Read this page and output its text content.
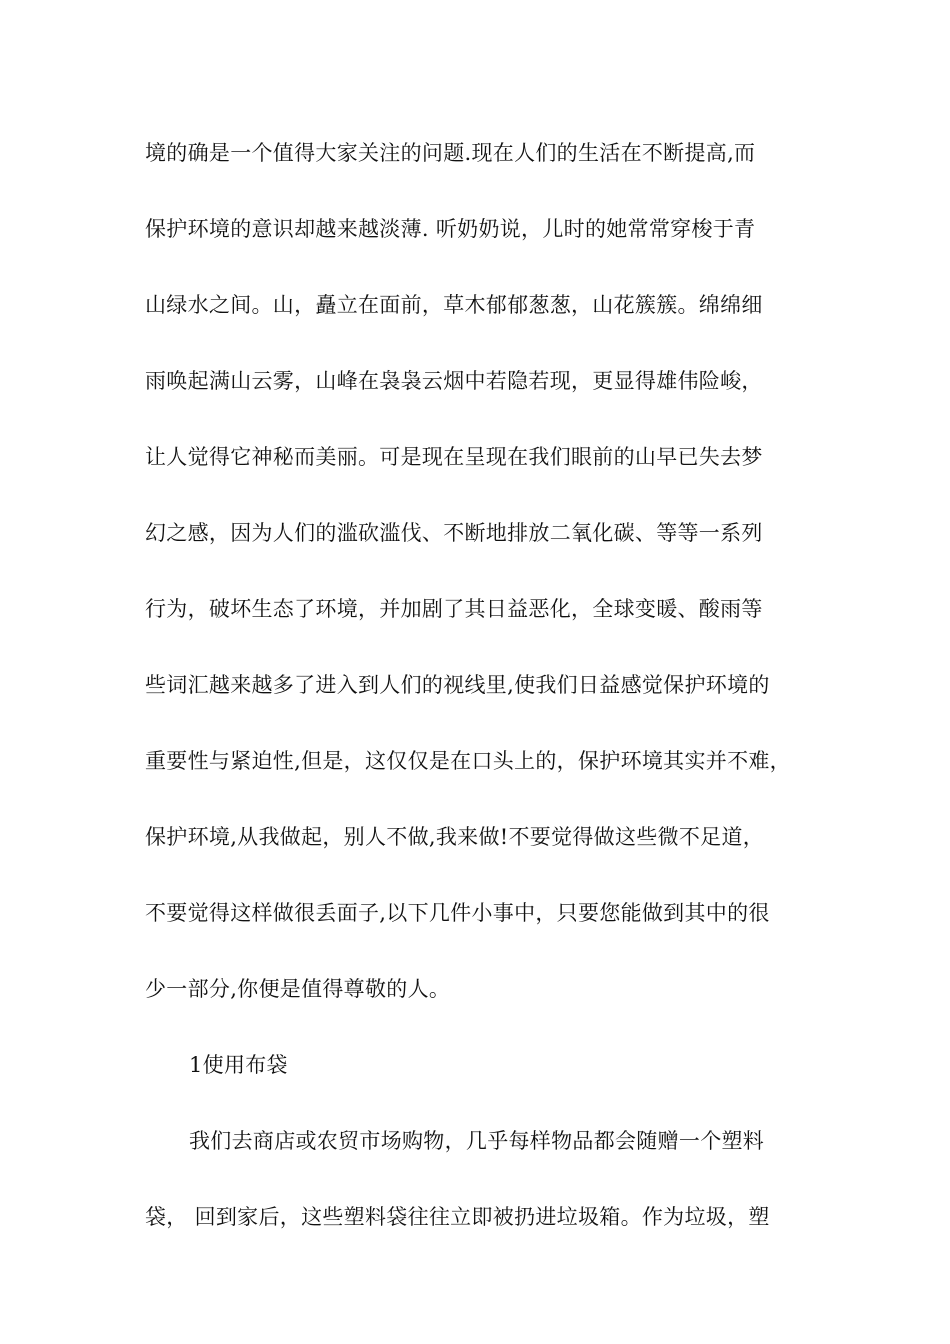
境的确是一个值得大家关注的问题.现在人们的生活在不断提高,而
保护环境的意识却越来越淡薄. 听奶奶说，儿时的她常常穿梭于青
山绿水之间。山，矗立在面前，草木郁郁葱葱，山花簇簇。绵绵细
雨唤起满山云雾，山峰在袅袅云烟中若隐若现，更显得雄伟险峻，
让人觉得它神秘而美丽。可是现在呈现在我们眼前的山早已失去梦
幻之感，因为人们的滥砍滥伐、不断地排放二氧化碳、等等一系列
行为，破坏生态了环境，并加剧了其日益恶化，全球变暖、酸雨等
些词汇越来越多了进入到人们的视线里,使我们日益感觉保护环境的
重要性与紧迫性,但是，这仅仅是在口头上的，保护环境其实并不难，
保护环境,从我做起，别人不做,我来做!不要觉得做这些微不足道，
不要觉得这样做很丢面子,以下几件小事中，只要您能做到其中的很
少一部分,你便是值得尊敬的人。
1使用布袋
我们去商店或农贸市场购物，几乎每样物品都会随赠一个塑料
袋， 回到家后，这些塑料袋往往立即被扔进垃圾箱。作为垃圾，塑
